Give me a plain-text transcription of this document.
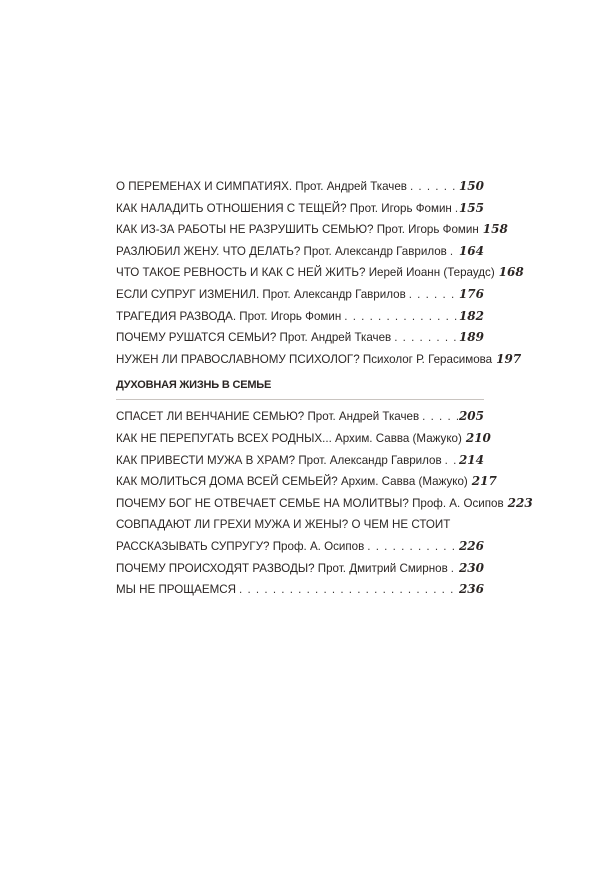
О ПЕРЕМЕНАХ И СИМПАТИЯХ. Прот. Андрей Ткачев . . .	150
КАК НАЛАДИТЬ ОТНОШЕНИЯ С ТЕЩЕЙ? Прот. Игорь Фомин . . . 155
КАК ИЗ-ЗА РАБОТЫ НЕ РАЗРУШИТЬ СЕМЬЮ? Прот. Игорь Фомин 158
РАЗЛЮБИЛ ЖЕНУ. ЧТО ДЕЛАТЬ? Прот. Александр Гаврилов . . . 164
ЧТО ТАКОЕ РЕВНОСТЬ И КАК С НЕЙ ЖИТЬ? Иерей Иоанн (Тераудс) 168
ЕСЛИ СУПРУГ ИЗМЕНИЛ. Прот. Александр Гаврилов . . .	176
ТРАГЕДИЯ РАЗВОДА. Прот. Игорь Фомин . . .	182
ПОЧЕМУ РУШАТСЯ СЕМЬИ? Прот. Андрей Ткачев . . .	189
НУЖЕН ЛИ ПРАВОСЛАВНОМУ ПСИХОЛОГ? Психолог Р. Герасимова 197
ДУХОВНАЯ ЖИЗНЬ В СЕМЬЕ
СПАСЕТ ЛИ ВЕНЧАНИЕ СЕМЬЮ? Прот. Андрей Ткачев . . .	205
КАК НЕ ПЕРЕПУГАТЬ ВСЕХ РОДНЫХ... Архим. Савва (Мажуко) 210
КАК ПРИВЕСТИ МУЖА В ХРАМ? Прот. Александр Гаврилов . . . 214
КАК МОЛИТЬСЯ ДОМА ВСЕЙ СЕМЬЕЙ? Архим. Савва (Мажуко) 217
ПОЧЕМУ БОГ НЕ ОТВЕЧАЕТ СЕМЬЕ НА МОЛИТВЫ? Проф. А. Осипов 223
СОВПАДАЮТ ЛИ ГРЕХИ МУЖА И ЖЕНЫ? О ЧЕМ НЕ СТОИТ
РАССКАЗЫВАТЬ СУПРУГУ? Проф. А. Осипов . . .	226
ПОЧЕМУ ПРОИСХОДЯТ РАЗВОДЫ? Прот. Дмитрий Смирнов . . . 230
МЫ НЕ ПРОЩАЕМСЯ . . .	236
